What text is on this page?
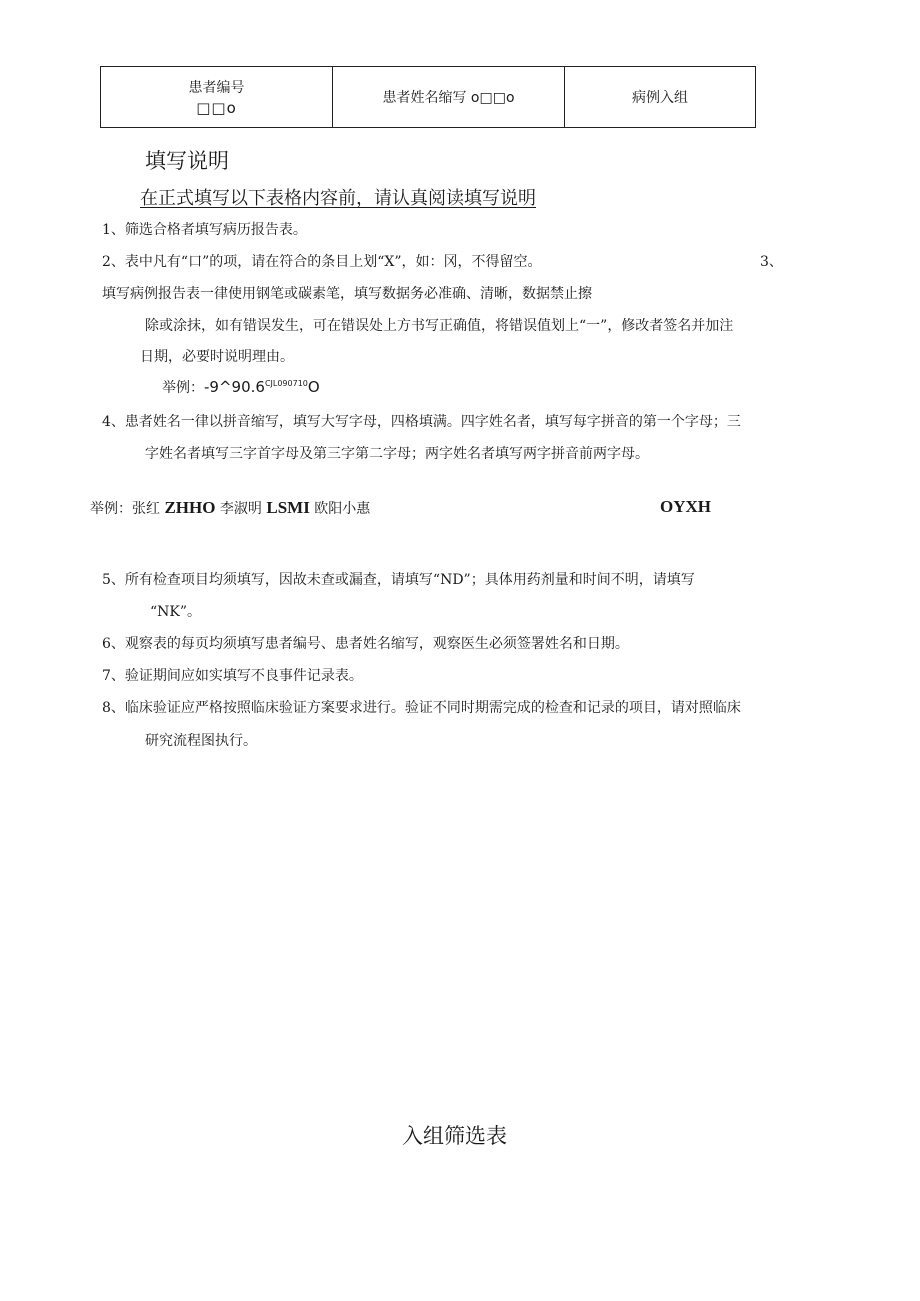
患者编号
□□o
患者姓名缩写 o□□o	病例入组
填写说明
在正式填写以下表格内容前，请认真阅读填写说明
1、筛选合格者填写病历报告表。
2、表中凡有“口”的项，请在符合的条目上划“X”，如：冈，不得留空。	3、
填写病例报告表一律使用钢笔或碳素笔，填写数据务必准确、清晰，数据禁止擦
除或涂抹，如有错误发生，可在错误处上方书写正确值，将错误值划上“一”，修改者签名并加注
日期，必要时说明理由。
举例：$-9\^{}90.6^{CJL090710}O$
4、患者姓名一律以拼音缩写，填写大写字母，四格填满。四字姓名者，填写每字拼音的第一个字母；三
字姓名者填写三字首字母及第三字第二字母；两字姓名者填写两字拼音前两字母。
举例：张红 ZHHO 李淑明 LSMI 欧阳小惠	OYXH
5、所有检查项目均须填写，因故未查或漏查，请填写“ND”；具体用药剂量和时间不明，请填写
“NK”。
6、观察表的每页均须填写患者编号、患者姓名缩写，观察医生必须签署姓名和日期。
7、验证期间应如实填写不良事件记录表。
8、临床验证应严格按照临床验证方案要求进行。验证不同时期需完成的检查和记录的项目，请对照临床
研究流程图执行。
入组筛选表
